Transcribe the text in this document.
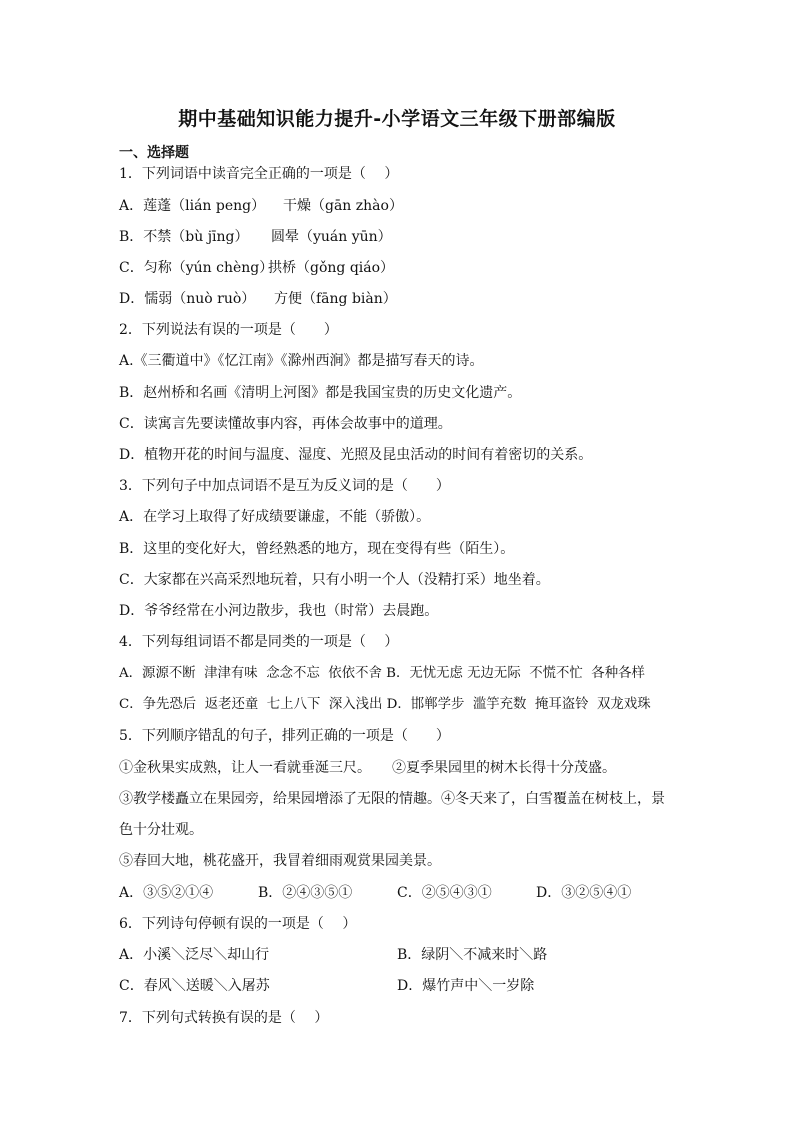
期中基础知识能力提升-小学语文三年级下册部编版
一、选择题
1．下列词语中读音完全正确的一项是（　 ）
A．莲蓬（lián peng） 干燥（gān zhào）
B．不禁（bù jīng） 圆晕（yuán yūn）
C．匀称（yún chèng）
拱桥（gǒng qiáo）
D．懦弱（nuò ruò） 方便（fāng biàn）
2．下列说法有误的一项是（　　）
A.《三衢道中》《忆江南》《滁州西涧》都是描写春天的诗。
B．赵州桥和名画《清明上河图》都是我国宝贵的历史文化遗产。
C．读寓言先要读懂故事内容，再体会故事中的道理。
D．植物开花的时间与温度、湿度、光照及昆虫活动的时间有着密切的关系。
3．下列句子中加点词语不是互为反义词的是（　　）
A．在学习上取得了好成绩要谦虚，不能（骄傲）。
B．这里的变化好大，曾经熟悉的地方，现在变得有些（陌生）。
C．大家都在兴高采烈地玩着，只有小明一个人（没精打采）地坐着。
D．爷爷经常在小河边散步，我也（时常）去晨跑。
4．下列每组词语不都是同类的一项是（　 ）
A．源源不断  津津有味  念念不忘  依依不舍 B．无忧无虑 无边无际  不慌不忙  各种各样
C．争先恐后  返老还童  七上八下  深入浅出 D．邯郸学步  滥竽充数  掩耳盗铃  双龙戏珠
5．下列顺序错乱的句子，排列正确的一项是（　　）
①金秋果实成熟，让人一看就垂涎三尺。　　②夏季果园里的树木长得十分茂盛。
③教学楼矗立在果园旁，给果园增添了无限的情趣。④冬天来了，白雪覆盖在树枝上，景
色十分壮观。
⑤春回大地，桃花盛开，我冒着细雨观赏果园美景。
A．③⑤②①④	B．②④③⑤①	C．②⑤④③①	D．③②⑤④①
6．下列诗句停顿有误的一项是（　 ）
A．小溪＼泛尽＼却山行	B．绿阴＼不减来时＼路
C．春风＼送暖＼入屠苏	D．爆竹声中＼一岁除
7．下列句式转换有误的是（　 ）
